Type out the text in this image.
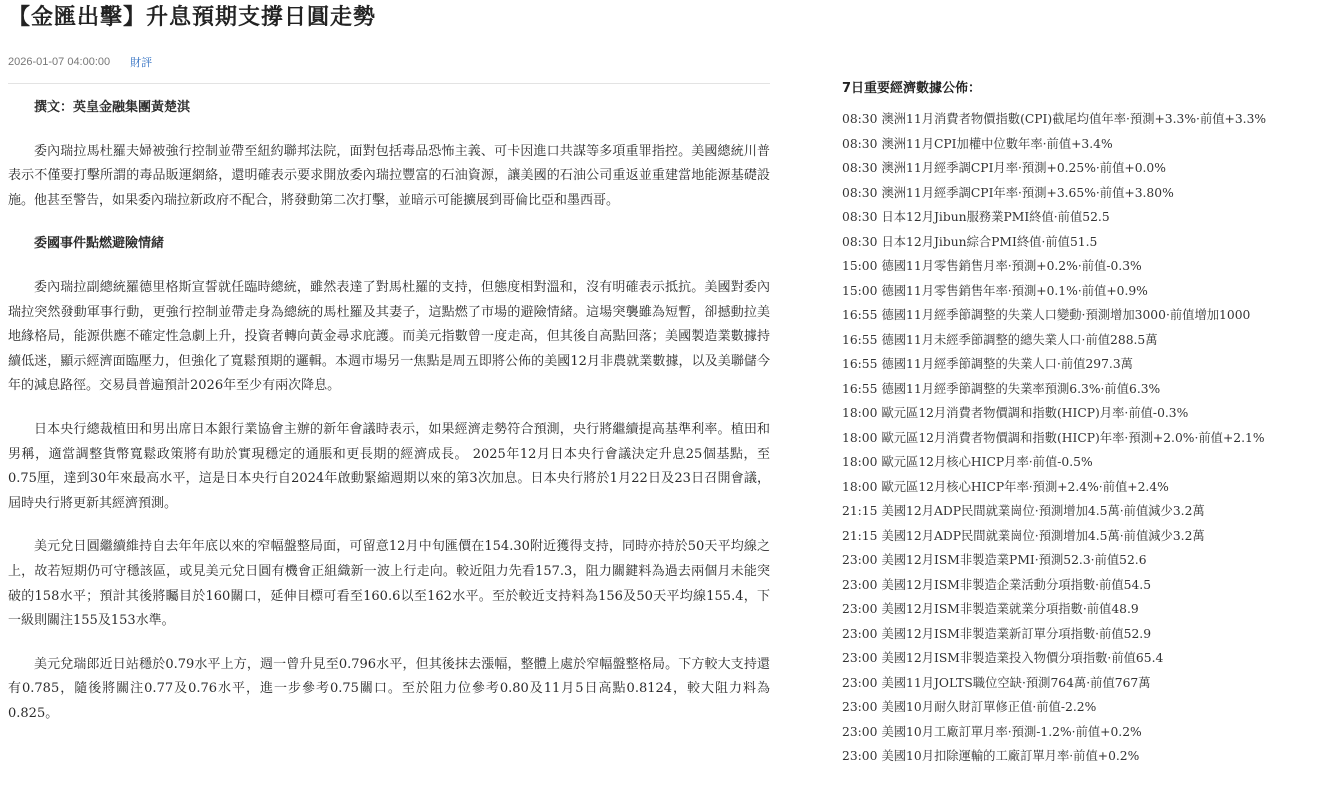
【金匯出擊】升息預期支撐日圓走勢
2026-01-07 04:00:00 財評

撰文：英皇金融集團黃楚淇

委內瑞拉馬杜羅夫婦被強行控制並帶至紐約聯邦法院，面對包括毒品恐怖主義、可卡因進口共謀等多項重罪指控。美國總統川普表示不僅要打擊所謂的毒品販運網絡，還明確表示要求開放委內瑞拉豐富的石油資源，讓美國的石油公司重返並重建當地能源基礎設施。他甚至警告，如果委內瑞拉新政府不配合，將發動第二次打擊，並暗示可能擴展到哥倫比亞和墨西哥。

委國事件點燃避險情緒

委內瑞拉副總統羅德里格斯宣誓就任臨時總統，雖然表達了對馬杜羅的支持，但態度相對溫和，沒有明確表示抵抗。美國對委內瑞拉突然發動軍事行動，更強行控制並帶走身為總統的馬杜羅及其妻子，這點燃了市場的避險情緒。這場突襲雖為短暫，卻撼動拉美地緣格局，能源供應不確定性急劇上升，投資者轉向黃金尋求庇護。而美元指數曾一度走高，但其後自高點回落；美國製造業數據持續低迷，顯示經濟面臨壓力，但強化了寬鬆預期的邏輯。本週市場另一焦點是周五即將公佈的美國12月非農就業數據，以及美聯儲今年的減息路徑。交易員普遍預計2026年至少有兩次降息。

日本央行總裁植田和男出席日本銀行業協會主辦的新年會議時表示，如果經濟走勢符合預測，央行將繼續提高基準利率。植田和男稱，適當調整貨幣寬鬆政策將有助於實現穩定的通脹和更長期的經濟成長。 2025年12月日本央行會議決定升息25個基點，至0.75厘，達到30年來最高水平，這是日本央行自2024年啟動緊縮週期以來的第3次加息。日本央行將於1月22日及23日召開會議，屆時央行將更新其經濟預測。

美元兌日圓繼續維持自去年年底以來的窄幅盤整局面，可留意12月中旬匯價在154.30附近獲得支持，同時亦持於50天平均線之上，故若短期仍可守穩該區，或見美元兌日圓有機會正組織新一波上行走向。較近阻力先看157.3，阻力關鍵料為過去兩個月未能突破的158水平；預計其後將矚目於160關口，延伸目標可看至160.6以至162水平。至於較近支持料為156及50天平均線155.4，下一級則關注155及153水準。

美元兌瑞郎近日站穩於0.79水平上方，週一曾升見至0.796水平，但其後抹去漲幅，整體上處於窄幅盤整格局。下方較大支持還有0.785，隨後將關注0.77及0.76水平，進一步參考0.75關口。至於阻力位參考0.80及11月5日高點0.8124，較大阻力料為0.825。

7日重要經濟數據公佈：
08:30 澳洲11月消費者物價指數(CPI)截尾均值年率·預測+3.3%·前值+3.3%
08:30 澳洲11月CPI加權中位數年率·前值+3.4%
08:30 澳洲11月經季調CPI月率·預測+0.25%·前值+0.0%
08:30 澳洲11月經季調CPI年率·預測+3.65%·前值+3.80%
08:30 日本12月Jibun服務業PMI終值·前值52.5
08:30 日本12月Jibun綜合PMI終值·前值51.5
15:00 德國11月零售銷售月率·預測+0.2%·前值-0.3%
15:00 德國11月零售銷售年率·預測+0.1%·前值+0.9%
16:55 德國11月經季節調整的失業人口變動·預測增加3000·前值增加1000
16:55 德國11月未經季節調整的總失業人口·前值288.5萬
16:55 德國11月經季節調整的失業人口·前值297.3萬
16:55 德國11月經季節調整的失業率預測6.3%·前值6.3%
18:00 歐元區12月消費者物價調和指數(HICP)月率·前值-0.3%
18:00 歐元區12月消費者物價調和指數(HICP)年率·預測+2.0%·前值+2.1%
18:00 歐元區12月核心HICP月率·前值-0.5%
18:00 歐元區12月核心HICP年率·預測+2.4%·前值+2.4%
21:15 美國12月ADP民間就業崗位·預測增加4.5萬·前值減少3.2萬
21:15 美國12月ADP民間就業崗位·預測增加4.5萬·前值減少3.2萬
23:00 美國12月ISM非製造業PMI·預測52.3·前值52.6
23:00 美國12月ISM非製造企業活動分項指數·前值54.5
23:00 美國12月ISM非製造業就業分項指數·前值48.9
23:00 美國12月ISM非製造業新訂單分項指數·前值52.9
23:00 美國12月ISM非製造業投入物價分項指數·前值65.4
23:00 美國11月JOLTS職位空缺·預測764萬·前值767萬
23:00 美國10月耐久財訂單修正值·前值-2.2%
23:00 美國10月工廠訂單月率·預測-1.2%·前值+0.2%
23:00 美國10月扣除運輸的工廠訂單月率·前值+0.2%
